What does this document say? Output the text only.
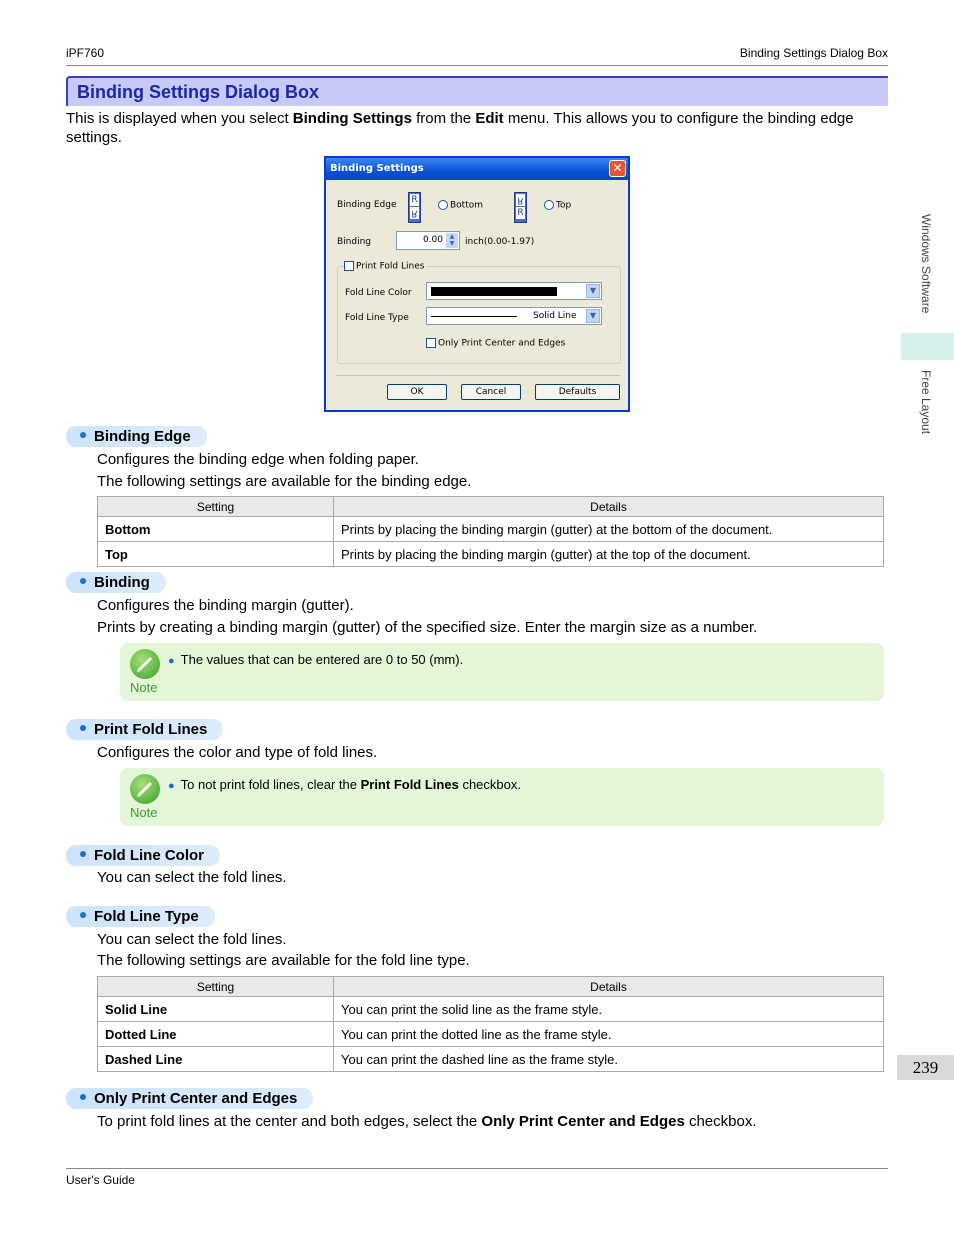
iPF760	Binding Settings Dialog Box
Binding Settings Dialog Box
This is displayed when you select Binding Settings from the Edit menu. This allows you to configure the binding edge settings.
Binding Settings	✕
Binding Edge R
R
Bottom
R
R
Top
Binding	0.00	▲
▼	inch(0.00-1.97)
Print Fold Lines
Fold Line Color	▼
Fold Line Type	Solid Line	▼
Only Print Center and Edges
OK	Cancel	Defaults
Binding Edge
Configures the binding edge when folding paper.
The following settings are available for the binding edge.
Setting	Details
Bottom	Prints by placing the binding margin (gutter) at the bottom of the document.
Top	Prints by placing the binding margin (gutter) at the top of the document.
Binding
Configures the binding margin (gutter).
Prints by creating a binding margin (gutter) of the specified size. Enter the margin size as a number.
Note
● The values that can be entered are 0 to 50 (mm).
Print Fold Lines
Configures the color and type of fold lines.
Note
● To not print fold lines, clear the Print Fold Lines checkbox.
Fold Line Color
You can select the fold lines.
Fold Line Type
You can select the fold lines.
The following settings are available for the fold line type.
Setting	Details
Solid Line	You can print the solid line as the frame style.
Dotted Line	You can print the dotted line as the frame style.
Dashed Line	You can print the dashed line as the frame style.
Only Print Center and Edges
To print fold lines at the center and both edges, select the Only Print Center and Edges checkbox.
Windows Software
Free Layout
239
User's Guide
